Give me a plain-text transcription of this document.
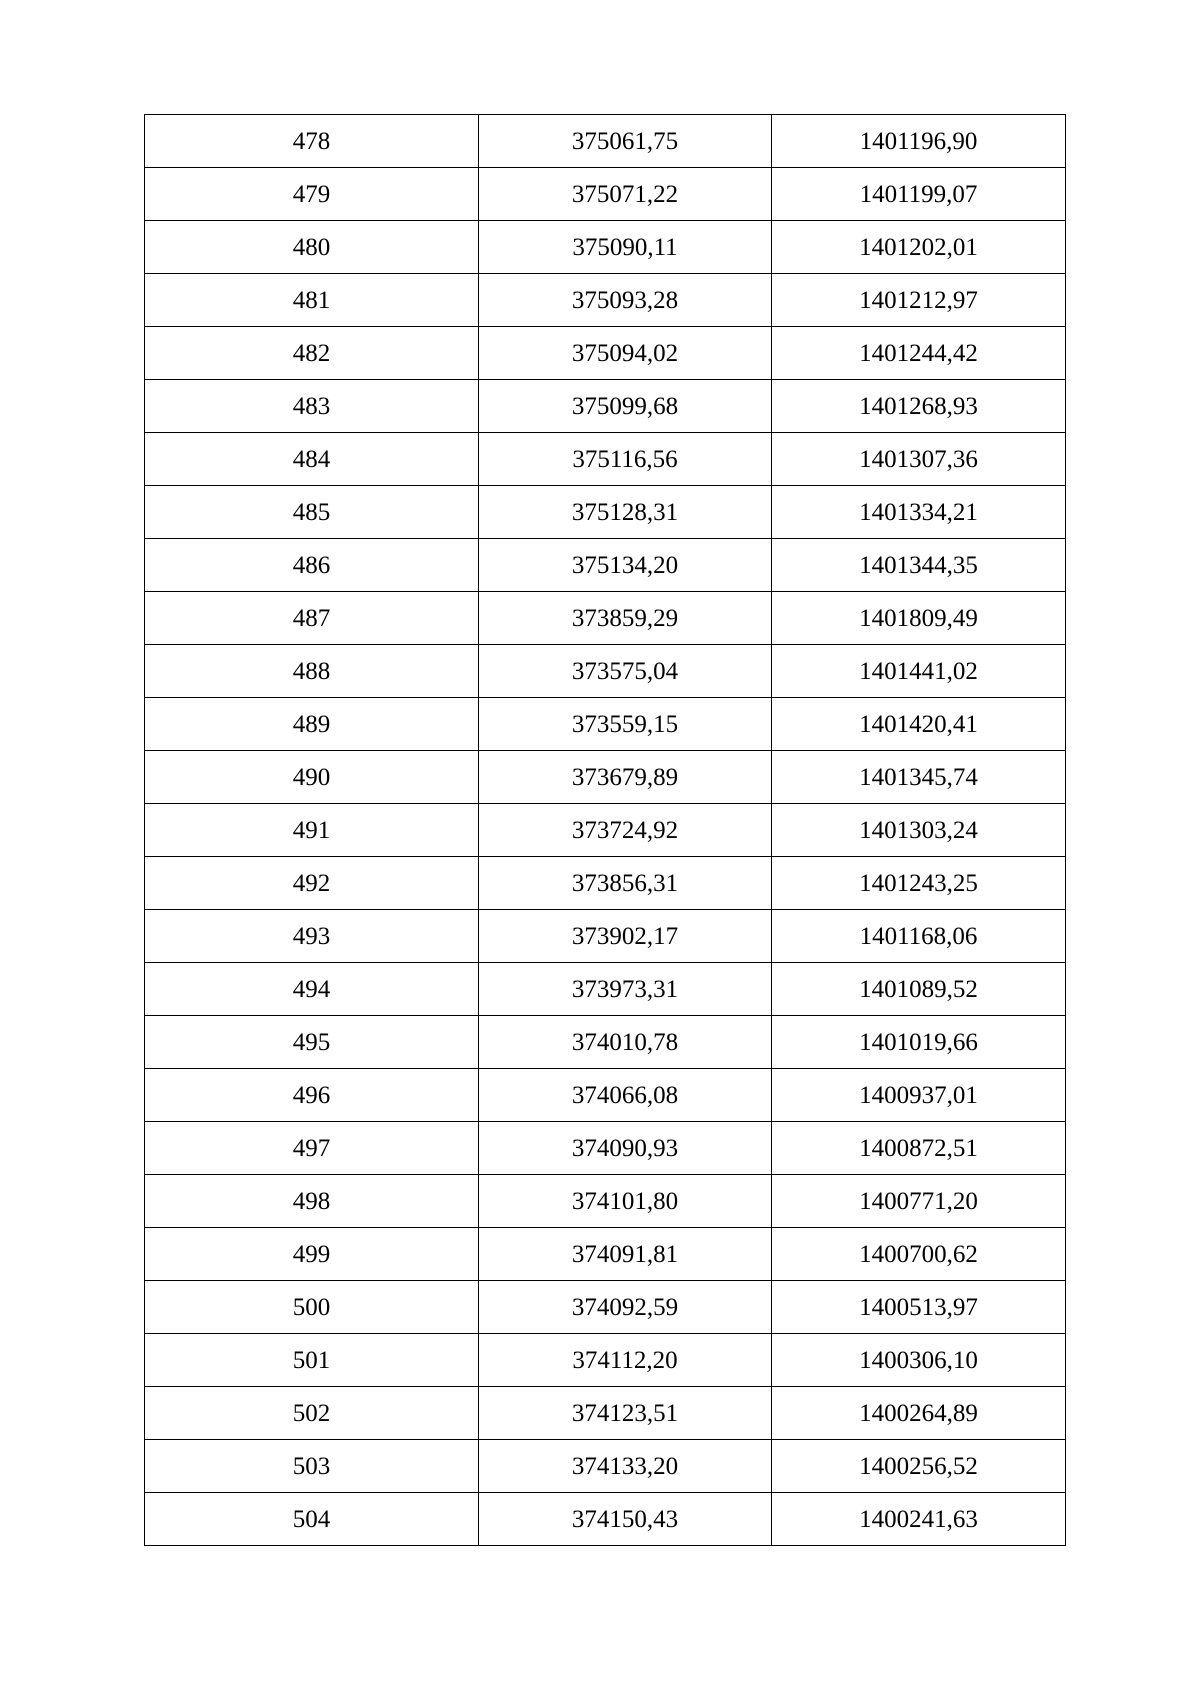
478	375061,75	1401196,90
479	375071,22	1401199,07
480	375090,11	1401202,01
481	375093,28	1401212,97
482	375094,02	1401244,42
483	375099,68	1401268,93
484	375116,56	1401307,36
485	375128,31	1401334,21
486	375134,20	1401344,35
487	373859,29	1401809,49
488	373575,04	1401441,02
489	373559,15	1401420,41
490	373679,89	1401345,74
491	373724,92	1401303,24
492	373856,31	1401243,25
493	373902,17	1401168,06
494	373973,31	1401089,52
495	374010,78	1401019,66
496	374066,08	1400937,01
497	374090,93	1400872,51
498	374101,80	1400771,20
499	374091,81	1400700,62
500	374092,59	1400513,97
501	374112,20	1400306,10
502	374123,51	1400264,89
503	374133,20	1400256,52
504	374150,43	1400241,63
